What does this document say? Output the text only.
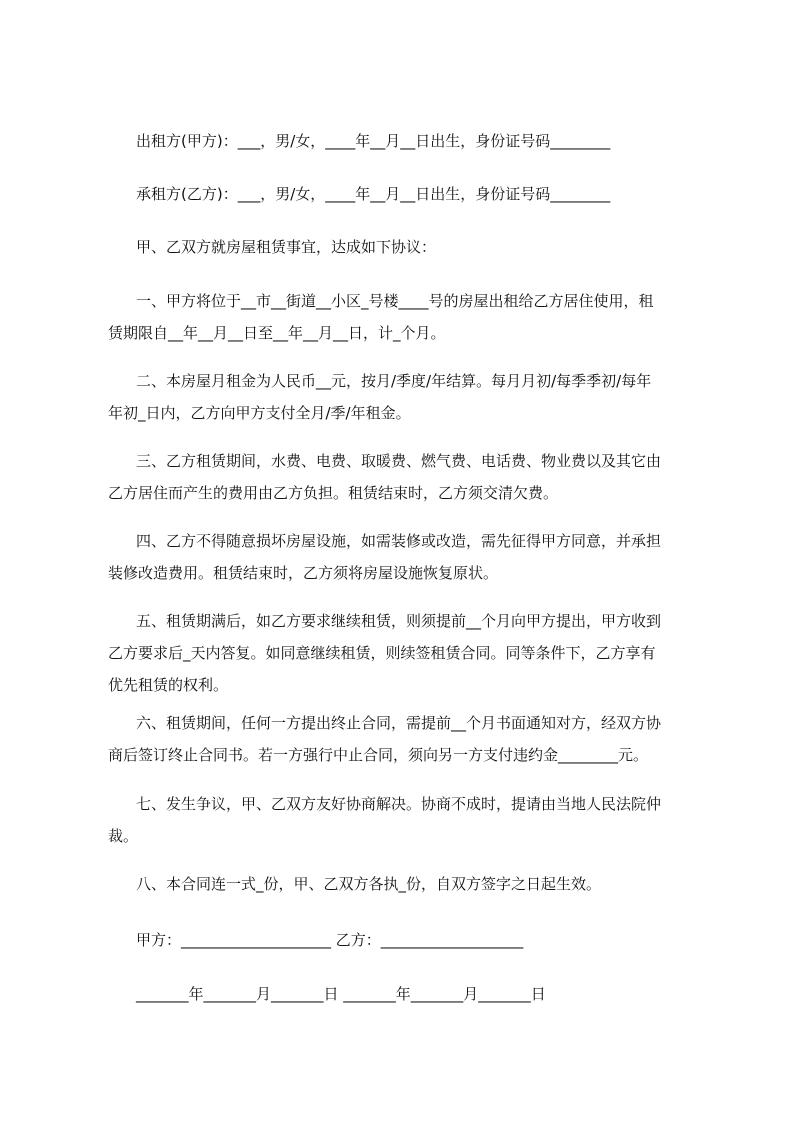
出租方(甲方)：___，男/女，____年__月__日出生，身份证号码________
承租方(乙方)：___，男/女，____年__月__日出生，身份证号码________
甲、乙双方就房屋租赁事宜，达成如下协议：
一、甲方将位于__市__街道__小区_号楼____号的房屋出租给乙方居住使用，租
赁期限自__年__月__日至__年__月__日，计_个月。
二、本房屋月租金为人民币__元，按月/季度/年结算。每月月初/每季季初/每年
年初_日内，乙方向甲方支付全月/季/年租金。
三、乙方租赁期间，水费、电费、取暖费、燃气费、电话费、物业费以及其它由
乙方居住而产生的费用由乙方负担。租赁结束时，乙方须交清欠费。
四、乙方不得随意损坏房屋设施，如需装修或改造，需先征得甲方同意，并承担
装修改造费用。租赁结束时，乙方须将房屋设施恢复原状。
五、租赁期满后，如乙方要求继续租赁，则须提前__个月向甲方提出，甲方收到
乙方要求后_天内答复。如同意继续租赁，则续签租赁合同。同等条件下，乙方享有
优先租赁的权利。
六、租赁期间，任何一方提出终止合同，需提前__个月书面通知对方，经双方协
商后签订终止合同书。若一方强行中止合同，须向另一方支付违约金________元。
七、发生争议，甲、乙双方友好协商解决。协商不成时，提请由当地人民法院仲
裁。
八、本合同连一式_份，甲、乙双方各执_份，自双方签字之日起生效。
甲方：____________________ 乙方：___________________
_______年_______月_______日 _______年_______月_______日
